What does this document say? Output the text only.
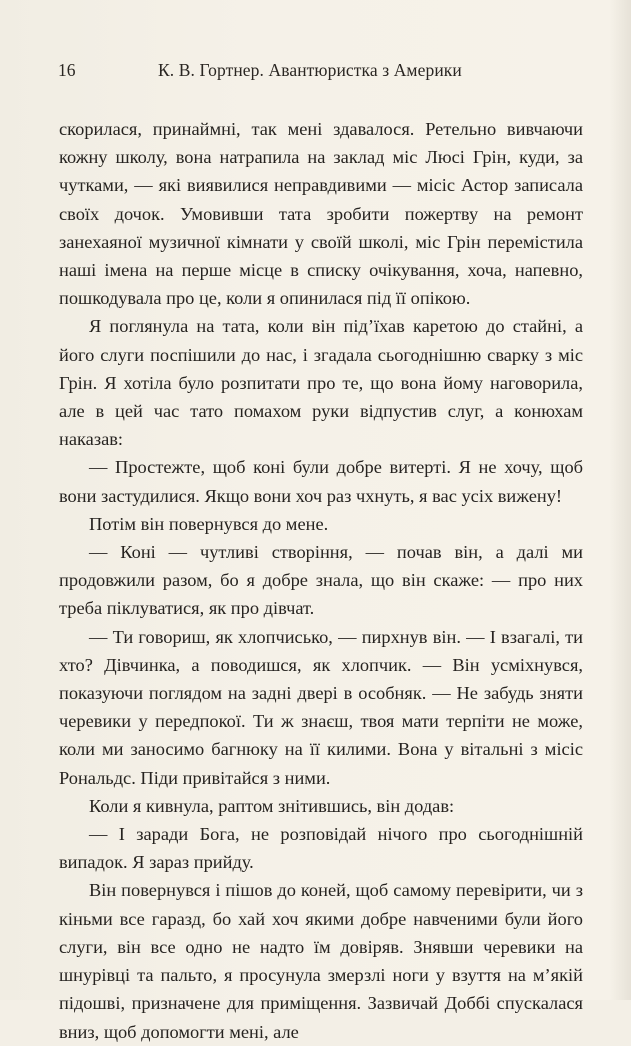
16	К. В. Гортнер. Авантюристка з Америки

скорилася, принаймні, так мені здавалося. Ретельно вивчаючи кожну школу, вона натрапила на заклад міс Люсі Грін, куди, за чутками, — які виявилися неправдивими — місіс Астор записала своїх дочок. Умовивши тата зробити пожертву на ремонт занехаяної музичної кімнати у своїй школі, міс Грін перемістила наші імена на перше місце в списку очікування, хоча, напевно, пошкодувала про це, коли я опинилася під її опікою.

Я поглянула на тата, коли він під’їхав каретою до стайні, а його слуги поспішили до нас, і згадала сьогоднішню сварку з міс Грін. Я хотіла було розпитати про те, що вона йому наговорила, але в цей час тато помахом руки відпустив слуг, а конюхам наказав:

— Простежте, щоб коні були добре витерті. Я не хочу, щоб вони застудилися. Якщо вони хоч раз чхнуть, я вас усіх вижену!

Потім він повернувся до мене.

— Коні — чутливі створіння, — почав він, а далі ми продовжили разом, бо я добре знала, що він скаже: — про них треба піклуватися, як про дівчат.

— Ти говориш, як хлопчисько, — пирхнув він. — І взагалі, ти хто? Дівчинка, а поводишся, як хлопчик. — Він усміхнувся, показуючи поглядом на задні двері в особняк. — Не забудь зняти черевики у передпокої. Ти ж знаєш, твоя мати терпіти не може, коли ми заносимо багнюку на її килими. Вона у вітальні з місіс Рональдс. Піди привітайся з ними.

Коли я кивнула, раптом знітившись, він додав:

— І заради Бога, не розповідай нічого про сьогоднішній випадок. Я зараз прийду.

Він повернувся і пішов до коней, щоб самому перевірити, чи з кіньми все гаразд, бо хай хоч якими добре навченими були його слуги, він все одно не надто їм довіряв. Знявши черевики на шнурівці та пальто, я просунула змерзлі ноги у взуття на м’якій підошві, призначене для приміщення. Зазвичай Доббі спускалася вниз, щоб допомогти мені, але
